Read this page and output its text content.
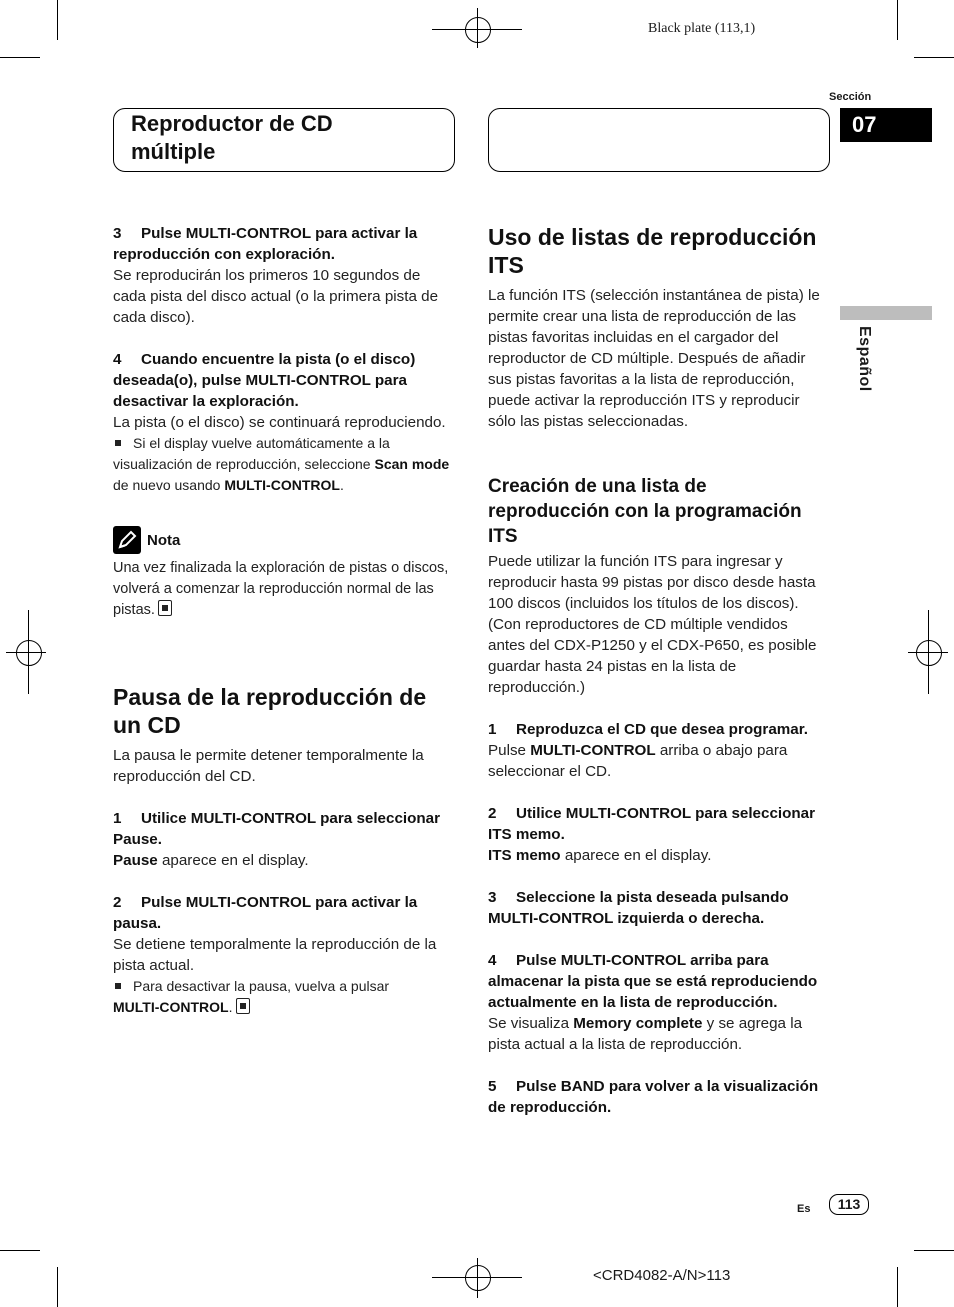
Black plate (113,1)
Reproductor de CD
múltiple
Sección
07
Español

3 Pulse MULTI-CONTROL para activar la reproducción con exploración.

Se reproducirán los primeros 10 segundos de cada pista del disco actual (o la primera pista de cada disco).

4 Cuando encuentre la pista (o el disco) deseada(o), pulse MULTI-CONTROL para desactivar la exploración.

La pista (o el disco) se continuará reproduciendo.

Si el display vuelve automáticamente a la visualización de reproducción, seleccione Scan mode de nuevo usando MULTI-CONTROL.

Nota

Una vez finalizada la exploración de pistas o discos, volverá a comenzar la reproducción normal de las pistas.

Pausa de la reproducción de un CD

La pausa le permite detener temporalmente la reproducción del CD.

1 Utilice MULTI-CONTROL para seleccionar Pause.

Pause aparece en el display.

2 Pulse MULTI-CONTROL para activar la pausa.

Se detiene temporalmente la reproducción de la pista actual.

Para desactivar la pausa, vuelva a pulsar
MULTI-CONTROL.

Uso de listas de reproducción ITS

La función ITS (selección instantánea de pista) le permite crear una lista de reproducción de las pistas favoritas incluidas en el cargador del reproductor de CD múltiple. Después de añadir sus pistas favoritas a la lista de reproducción, puede activar la reproducción ITS y reproducir sólo las pistas seleccionadas.

Creación de una lista de reproducción con la programación ITS

Puede utilizar la función ITS para ingresar y reproducir hasta 99 pistas por disco desde hasta 100 discos (incluidos los títulos de los discos). (Con reproductores de CD múltiple vendidos antes del CDX-P1250 y el CDX-P650, es posible guardar hasta 24 pistas en la lista de reproducción.)

1 Reproduzca el CD que desea programar.

Pulse MULTI-CONTROL arriba o abajo para seleccionar el CD.

2 Utilice MULTI-CONTROL para seleccionar ITS memo.

ITS memo aparece en el display.

3 Seleccione la pista deseada pulsando MULTI-CONTROL izquierda o derecha.

4 Pulse MULTI-CONTROL arriba para almacenar la pista que se está reproduciendo actualmente en la lista de reproducción.

Se visualiza Memory complete y se agrega la pista actual a la lista de reproducción.

5 Pulse BAND para volver a la visualización de reproducción.

Es	113
<CRD4082-A/N>113
